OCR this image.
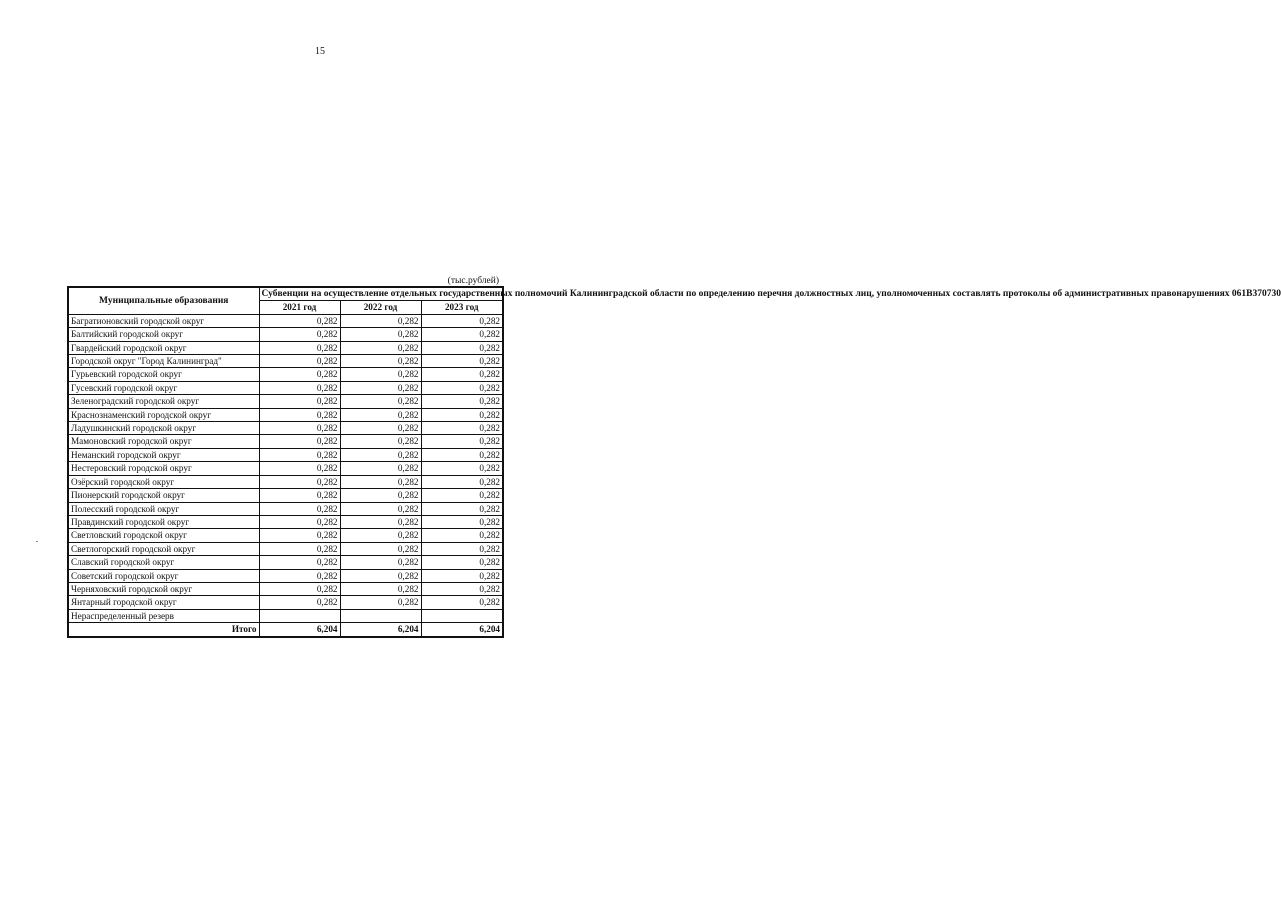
15
(тыс.рублей)
Муниципальные образования	Субвенции на осуществление отдельных государственных полномочий Калининградской области по определению перечня должностных лиц, уполномоченных составлять протоколы об административных правонарушениях 061В370730		
	2021 год	2022 год	2023 год
Багратионовский городской округ	0,282	0,282	0,282
Балтийский городской округ	0,282	0,282	0,282
Гвардейский городской округ	0,282	0,282	0,282
Городской округ "Город Калининград"	0,282	0,282	0,282
Гурьевский городской округ	0,282	0,282	0,282
Гусевский городской округ	0,282	0,282	0,282
Зеленоградский городской округ	0,282	0,282	0,282
Краснознаменский городской округ	0,282	0,282	0,282
Ладушкинский городской округ	0,282	0,282	0,282
Мамоновский городской округ	0,282	0,282	0,282
Неманский городской округ	0,282	0,282	0,282
Нестеровский городской округ	0,282	0,282	0,282
Озёрский городской округ	0,282	0,282	0,282
Пионерский городской округ	0,282	0,282	0,282
Полесский городской округ	0,282	0,282	0,282
Правдинский городской округ	0,282	0,282	0,282
Светловский городской округ	0,282	0,282	0,282
Светлогорский городской округ	0,282	0,282	0,282
Славский городской округ	0,282	0,282	0,282
Советский городской округ	0,282	0,282	0,282
Черняховский городской округ	0,282	0,282	0,282
Янтарный городской округ	0,282	0,282	0,282
Нераспределенный резерв			
Итого	6,204	6,204	6,204
